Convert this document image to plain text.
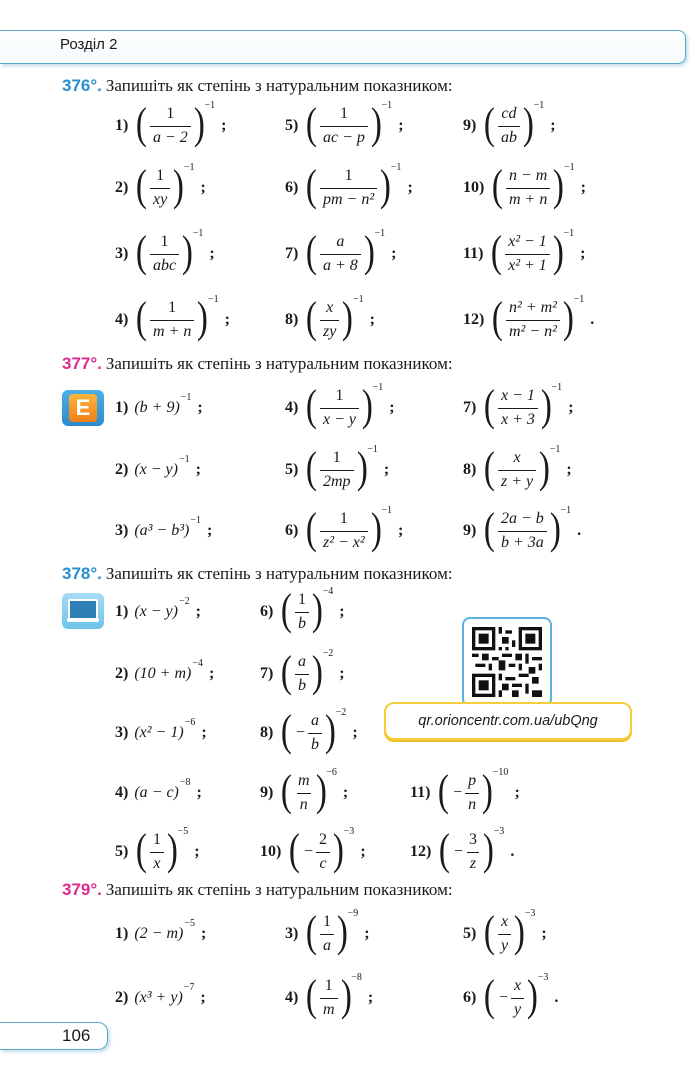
Розділ 2
376°. Запишіть як степінь з натуральним показником:
377°. Запишіть як степінь з натуральним показником:
378°. Запишіть як степінь з натуральним показником:
379°. Запишіть як степінь з натуральним показником:
E
1) ( $\frac{1}{a - 2}$ ) −1
;
2) ( $\frac{1}{xy}$ ) −1
;
3) ( $\frac{1}{\text{abc}}$ ) −1
;
4) ( $\frac{1}{m + n}$ ) −1
;
5) ( $\frac{1}{ac - p}$ ) −1
;
6) ( $\frac{1}{\text{pm − n²}}$ ) −1
;
7) ( $\frac{a}{a + 8}$ ) −1
;
8) ( $\frac{x}{zy}$ ) −1
;
9) ( $\frac{cd}{ab}$ ) −1
;
10) ( $\frac{n - m}{m + n}$ ) −1
;
11) ( $\frac{\text{x² − 1}}{\text{x² + 1}}$ ) −1
;
12) ( $\frac{\text{n² + m²}}{\text{m² − n²}}$ ) −1
.
1) (b + 9)
−1
;
2) (x − y)
−1
;
3) (a³ − b³)
−1
;
4) ( $\frac{1}{x - y}$ ) −1
;
5) ( $\frac{1}{2mp}$ ) −1
;
6) ( $\frac{1}{\text{z² − x²}}$ ) −1
;
7) ( $\frac{x - 1}{x + 3}$ ) −1
;
8) ( $\frac{x}{z + y}$ ) −1
;
9) ( $\frac{2a - b}{b + 3a}$ ) −1
.
1) (x − y)
−2
;
2) (10 + m)
−4
;
3) (x² − 1)
−6
;
4) (a − c)
−8
;
5) ( $\frac{1}{x}$ ) −5
;
6) ( $\frac{1}{b}$ ) −4
;
7) ( $\frac{a}{b}$ ) −2
;
8) ( − $\frac{a}{b}$ ) −2
;
9) ( $\frac{m}{n}$ ) −6
;
10) ( − $\frac{2}{c}$ ) −3
;
11) ( − $\frac{p}{n}$ ) −10
;
12) ( − $\frac{3}{z}$ ) −3
.
1) (2 − m)
−5
;
2) (x³ + y)
−7
;
3) ( $\frac{1}{a}$ ) −9
;
4) ( $\frac{1}{m}$ ) −8
;
5) ( $\frac{x}{y}$ ) −3
;
6) ( − $\frac{x}{y}$ ) −3
.
qr.orioncentr.com.ua/ubQng
106
